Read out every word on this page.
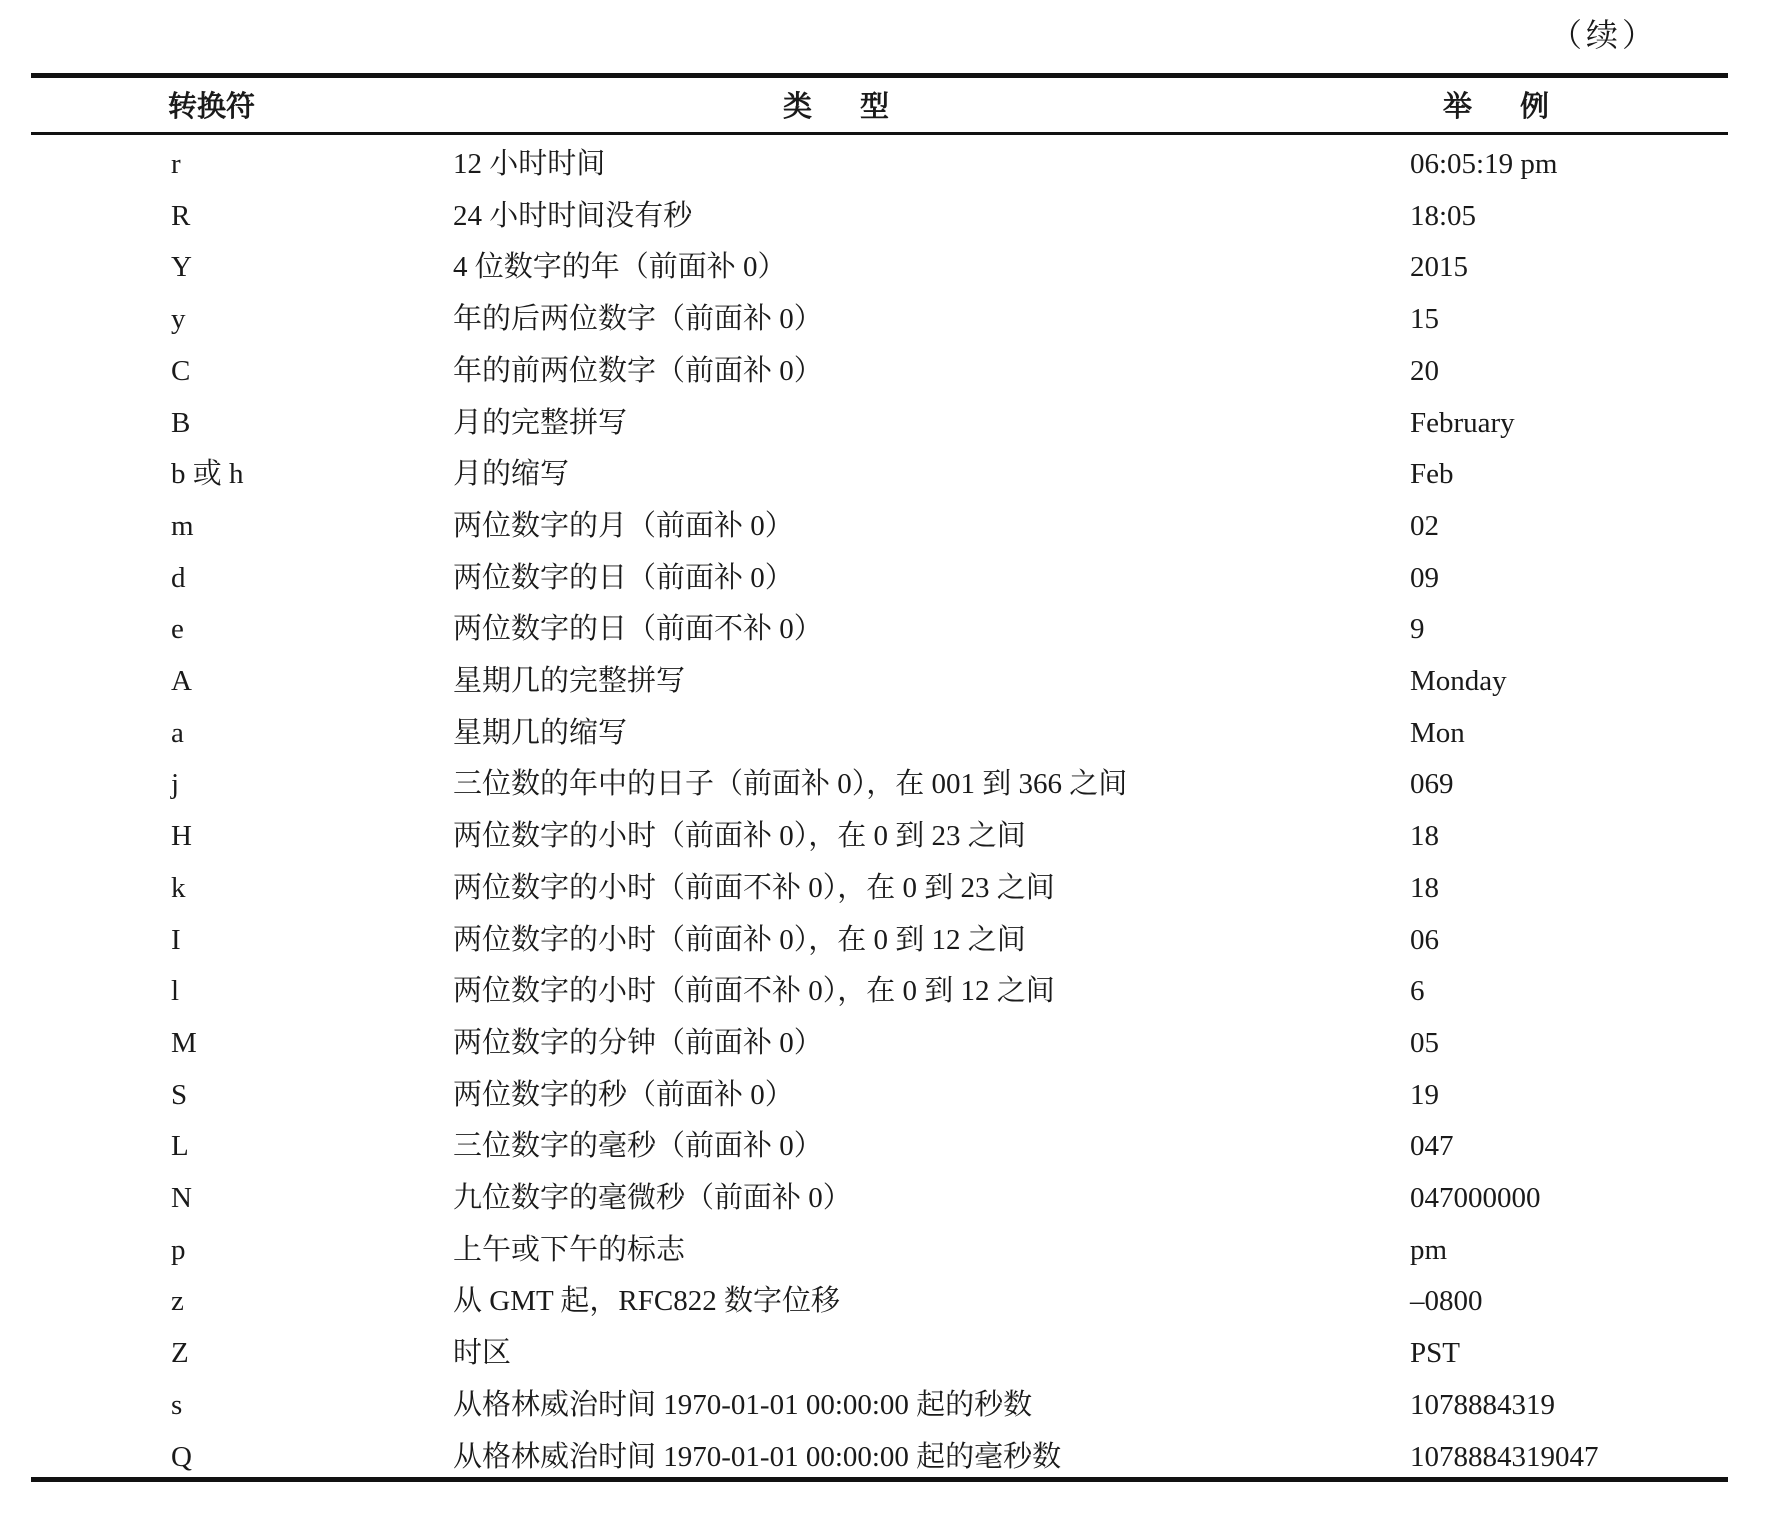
（续）
转换符	类型	举例
r	12 小时时间	06:05:19 pm
R	24 小时时间没有秒	18:05
Y	4 位数字的年（前面补 0）	2015
y	年的后两位数字（前面补 0）	15
C	年的前两位数字（前面补 0）	20
B	月的完整拼写	February
b 或 h	月的缩写	Feb
m	两位数字的月（前面补 0）	02
d	两位数字的日（前面补 0）	09
e	两位数字的日（前面不补 0）	9
A	星期几的完整拼写	Monday
a	星期几的缩写	Mon
j	三位数的年中的日子（前面补 0），在 001 到 366 之间	069
H	两位数字的小时（前面补 0），在 0 到 23 之间	18
k	两位数字的小时（前面不补 0），在 0 到 23 之间	18
I	两位数字的小时（前面补 0），在 0 到 12 之间	06
l	两位数字的小时（前面不补 0），在 0 到 12 之间	6
M	两位数字的分钟（前面补 0）	05
S	两位数字的秒（前面补 0）	19
L	三位数字的毫秒（前面补 0）	047
N	九位数字的毫微秒（前面补 0）	047000000
p	上午或下午的标志	pm
z	从 GMT 起，RFC822 数字位移	–0800
Z	时区	PST
s	从格林威治时间 1970-01-01 00:00:00 起的秒数	1078884319
Q	从格林威治时间 1970-01-01 00:00:00 起的毫秒数	1078884319047
